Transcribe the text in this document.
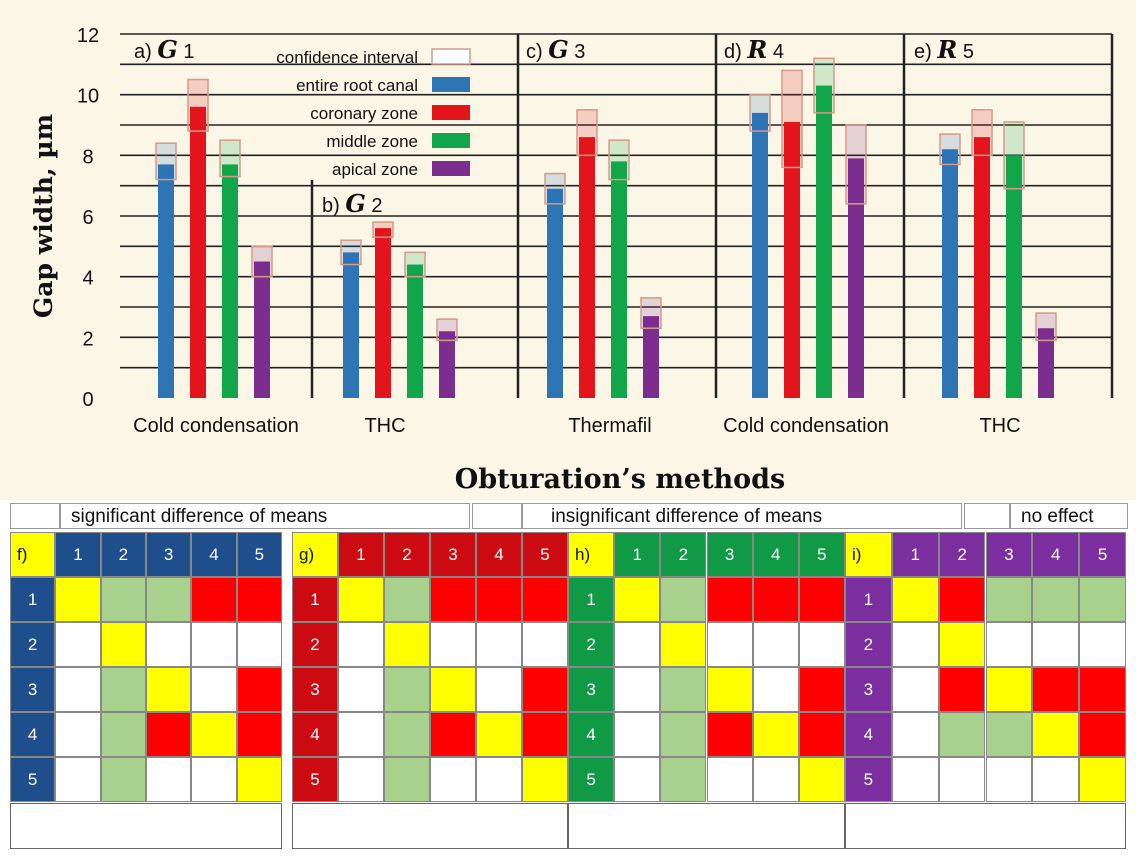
0
2
4
6
8
10
12
Gap width, µm
Obturation’s methods
a) G 1
Cold condensation
b) G 2
THC
c) G 3
Thermafil
d) R 4
Cold condensation
e) R 5
THC
confidence interval
entire root canal
coronary zone
middle zone
apical zone
significant difference of means	insignificant difference of means	no effect
f)	1	2	3	4	5
1
2
3
4
5
g)	1	2	3	4	5
1
2
3
4
5
h)	1	2	3	4	5
1
2
3
4
5
i)	1	2	3	4	5
1
2
3
4
5
Entire root canal	Coronary zone	Middle zone	Apical zone
